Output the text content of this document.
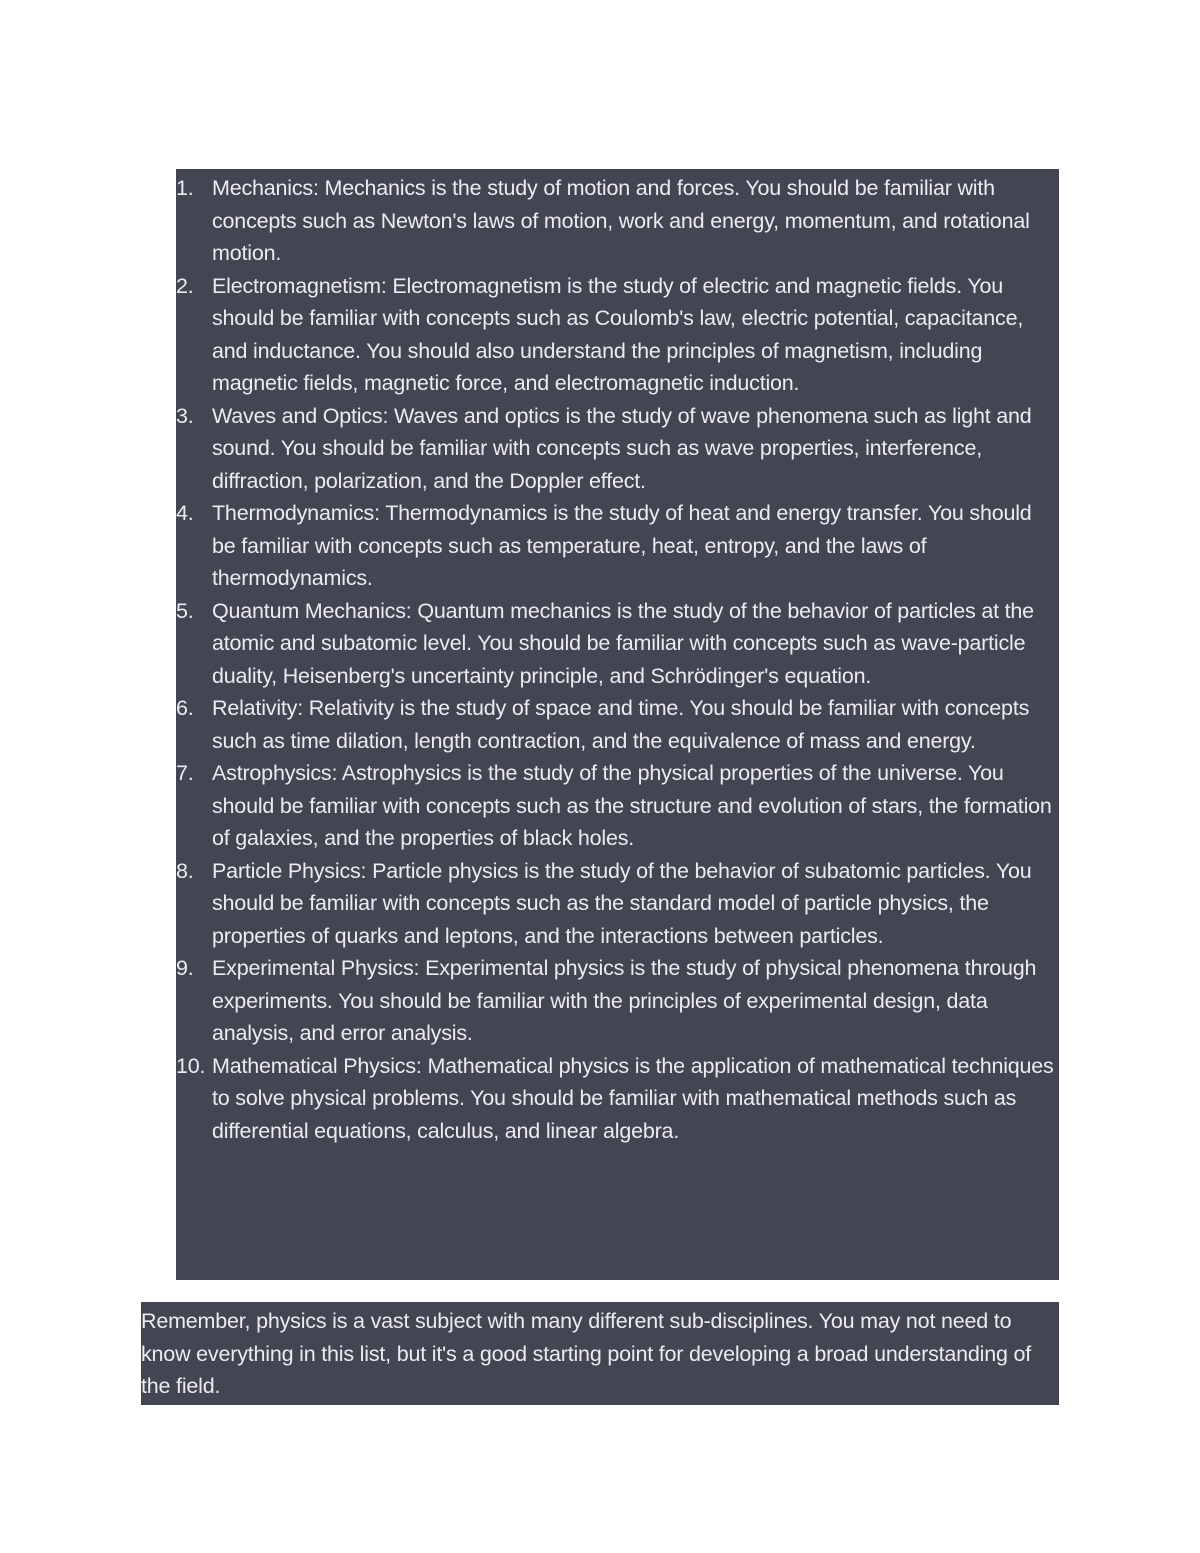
1. Mechanics: Mechanics is the study of motion and forces. You should be familiar with concepts such as Newton's laws of motion, work and energy, momentum, and rotational motion.
2. Electromagnetism: Electromagnetism is the study of electric and magnetic fields. You should be familiar with concepts such as Coulomb's law, electric potential, capacitance, and inductance. You should also understand the principles of magnetism, including magnetic fields, magnetic force, and electromagnetic induction.
3. Waves and Optics: Waves and optics is the study of wave phenomena such as light and sound. You should be familiar with concepts such as wave properties, interference, diffraction, polarization, and the Doppler effect.
4. Thermodynamics: Thermodynamics is the study of heat and energy transfer. You should be familiar with concepts such as temperature, heat, entropy, and the laws of thermodynamics.
5. Quantum Mechanics: Quantum mechanics is the study of the behavior of particles at the atomic and subatomic level. You should be familiar with concepts such as wave-particle duality, Heisenberg's uncertainty principle, and Schrödinger's equation.
6. Relativity: Relativity is the study of space and time. You should be familiar with concepts such as time dilation, length contraction, and the equivalence of mass and energy.
7. Astrophysics: Astrophysics is the study of the physical properties of the universe. You should be familiar with concepts such as the structure and evolution of stars, the formation of galaxies, and the properties of black holes.
8. Particle Physics: Particle physics is the study of the behavior of subatomic particles. You should be familiar with concepts such as the standard model of particle physics, the properties of quarks and leptons, and the interactions between particles.
9. Experimental Physics: Experimental physics is the study of physical phenomena through experiments. You should be familiar with the principles of experimental design, data analysis, and error analysis.
10. Mathematical Physics: Mathematical physics is the application of mathematical techniques to solve physical problems. You should be familiar with mathematical methods such as differential equations, calculus, and linear algebra.

Remember, physics is a vast subject with many different sub-disciplines. You may not need to know everything in this list, but it's a good starting point for developing a broad understanding of the field.
